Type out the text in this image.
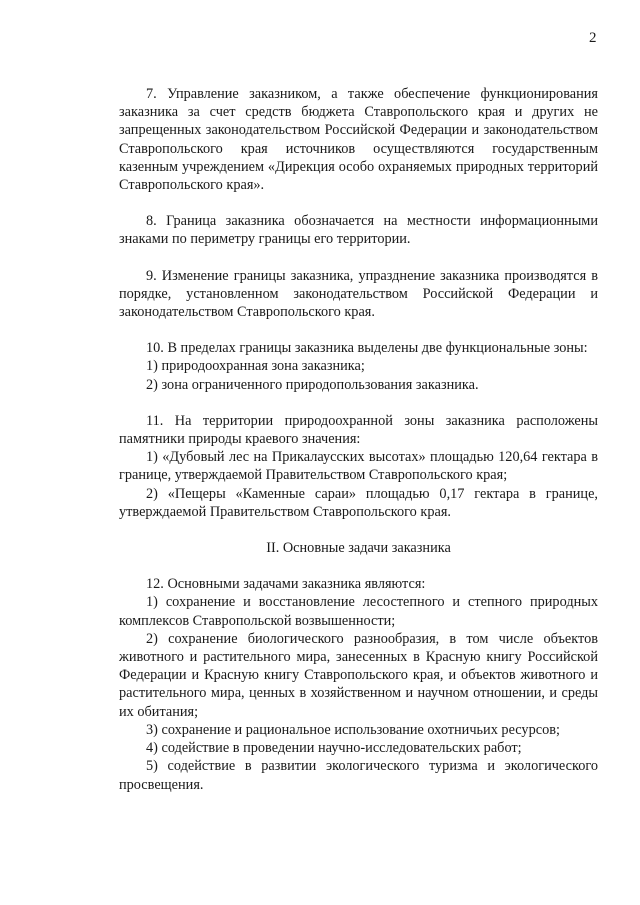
2

7. Управление заказником, а также обеспечение функционирования заказника за счет средств бюджета Ставропольского края и других не запрещенных законодательством Российской Федерации и законодательством Ставропольского края источников осуществляются государственным казенным учреждением «Дирекция особо охраняемых природных территорий Ставропольского края».

8. Граница заказника обозначается на местности информационными знаками по периметру границы его территории.

9. Изменение границы заказника, упразднение заказника производятся в порядке, установленном законодательством Российской Федерации и законодательством Ставропольского края.

10. В пределах границы заказника выделены две функциональные зоны:

1) природоохранная зона заказника;

2) зона ограниченного природопользования заказника.

11. На территории природоохранной зоны заказника расположены памятники природы краевого значения:

1) «Дубовый лес на Прикалаусских высотах» площадью 120,64 гектара в границе, утверждаемой Правительством Ставропольского края;

2) «Пещеры «Каменные сараи» площадью 0,17 гектара в границе, утверждаемой Правительством Ставропольского края.

II. Основные задачи заказника

12. Основными задачами заказника являются:

1) сохранение и восстановление лесостепного и степного природных комплексов Ставропольской возвышенности;

2) сохранение биологического разнообразия, в том числе объектов животного и растительного мира, занесенных в Красную книгу Российской Федерации и Красную книгу Ставропольского края, и объектов животного и растительного мира, ценных в хозяйственном и научном отношении, и среды их обитания;

3) сохранение и рациональное использование охотничьих ресурсов;

4) содействие в проведении научно-исследовательских работ;

5) содействие в развитии экологического туризма и экологического просвещения.
